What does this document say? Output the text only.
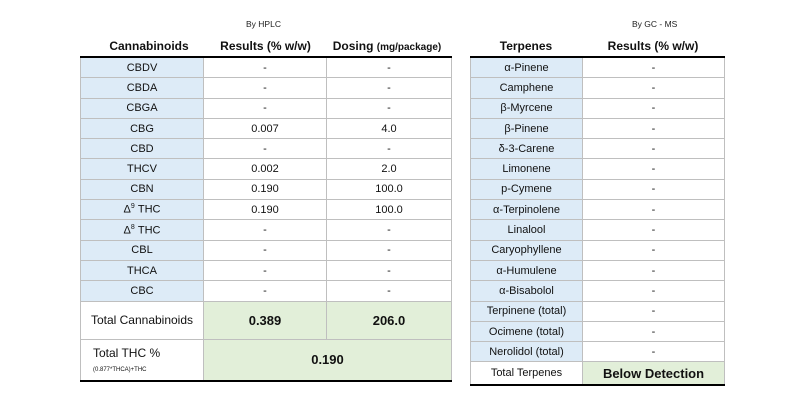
By HPLC
Cannabinoids	Results (% w/w)	Dosing (mg/package)
By GC - MS
Terpenes	Results (% w/w)
CBDV	-	-
CBDA	-	-
CBGA	-	-
CBG	0.007	4.0
CBD	-	-
THCV	0.002	2.0
CBN	0.190	100.0
$\Delta^9$ THC	0.190	100.0
$\Delta^8$ THC	-	-
CBL	-	-
THCA	-	-
CBC	-	-
Total Cannabinoids	0.389	206.0
Total THC % (0.877*THCA)+THC	0.190	
α-Pinene	-
Camphene	-
β-Myrcene	-
β-Pinene	-
δ-3-Carene	-
Limonene	-
p-Cymene	-
α-Terpinolene	-
Linalool	-
Caryophyllene	-
α-Humulene	-
α-Bisabolol	-
Terpinene (total)	-
Ocimene (total)	-
Nerolidol (total)	-
Total Terpenes	Below Detection
